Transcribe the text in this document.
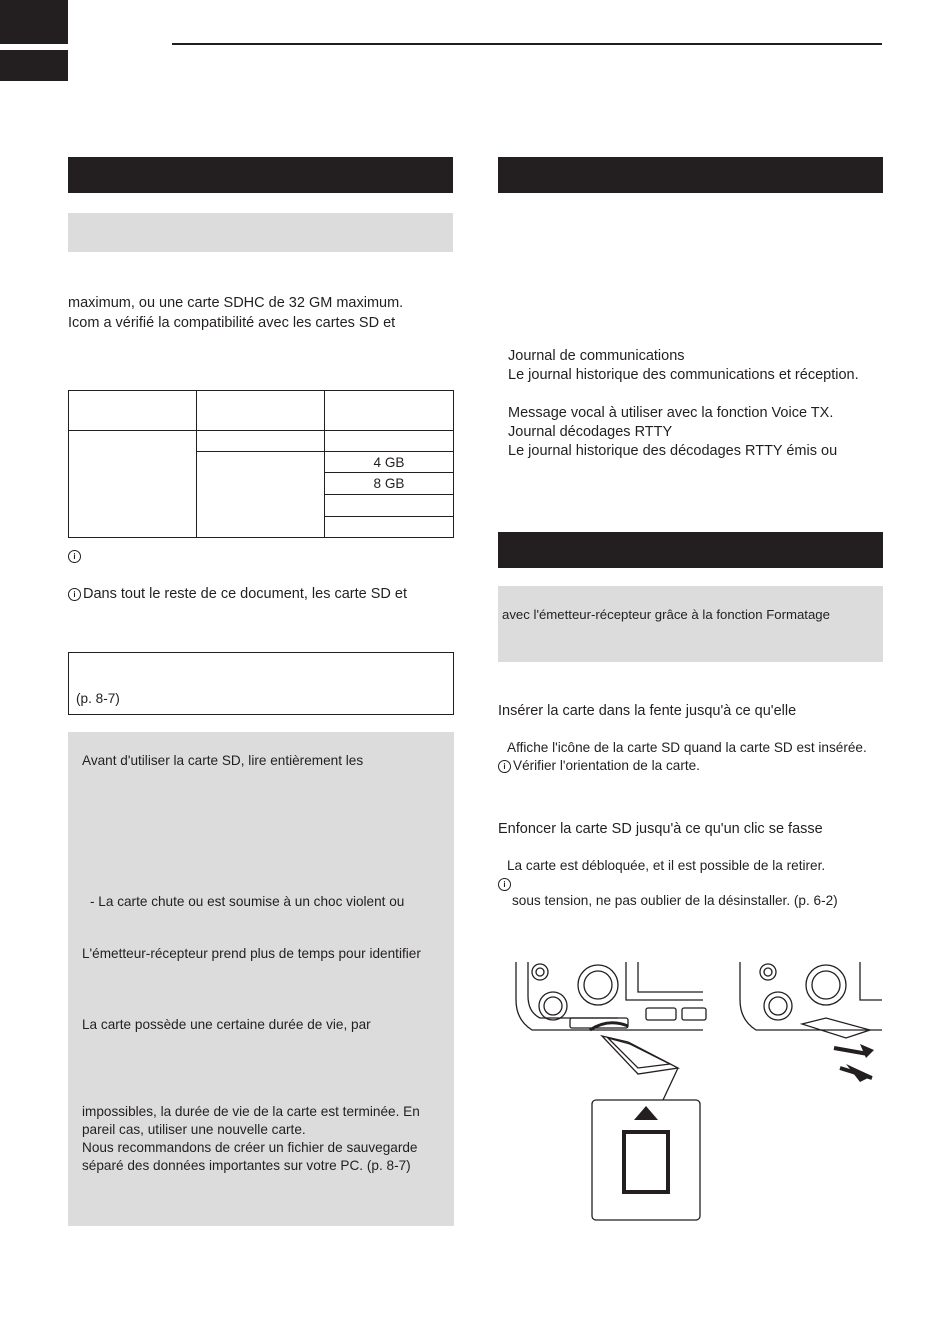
maximum, ou une carte SDHC de 32 GM maximum.
Icom a vérifié la compatibilité avec les cartes SD et

		4 GB
		8 GB

i
i Dans tout le reste de ce document, les carte SD et
(p. 8-7)
Avant d'utiliser la carte SD, lire entièrement les
- La carte chute ou est soumise à un choc violent ou
L'émetteur-récepteur prend plus de temps pour identifier
La carte possède une certaine durée de vie, par
impossibles, la durée de vie de la carte est terminée. En
pareil cas, utiliser une nouvelle carte.
Nous recommandons de créer un fichier de sauvegarde
séparé des données importantes sur votre PC. (p. 8-7)
Journal de communications
Le journal historique des communications et réception.
Message vocal à utiliser avec la fonction Voice TX.
Journal décodages RTTY
Le journal historique des décodages RTTY émis ou
avec l'émetteur-récepteur grâce à la fonction Formatage
Insérer la carte dans la fente jusqu'à ce qu'elle
Affiche l'icône de la carte SD quand la carte SD est insérée.
i Vérifier l'orientation de la carte.
Enfoncer la carte SD jusqu'à ce qu'un clic se fasse
La carte est débloquée, et il est possible de la retirer.
i
sous tension, ne pas oublier de la désinstaller. (p. 6-2)
